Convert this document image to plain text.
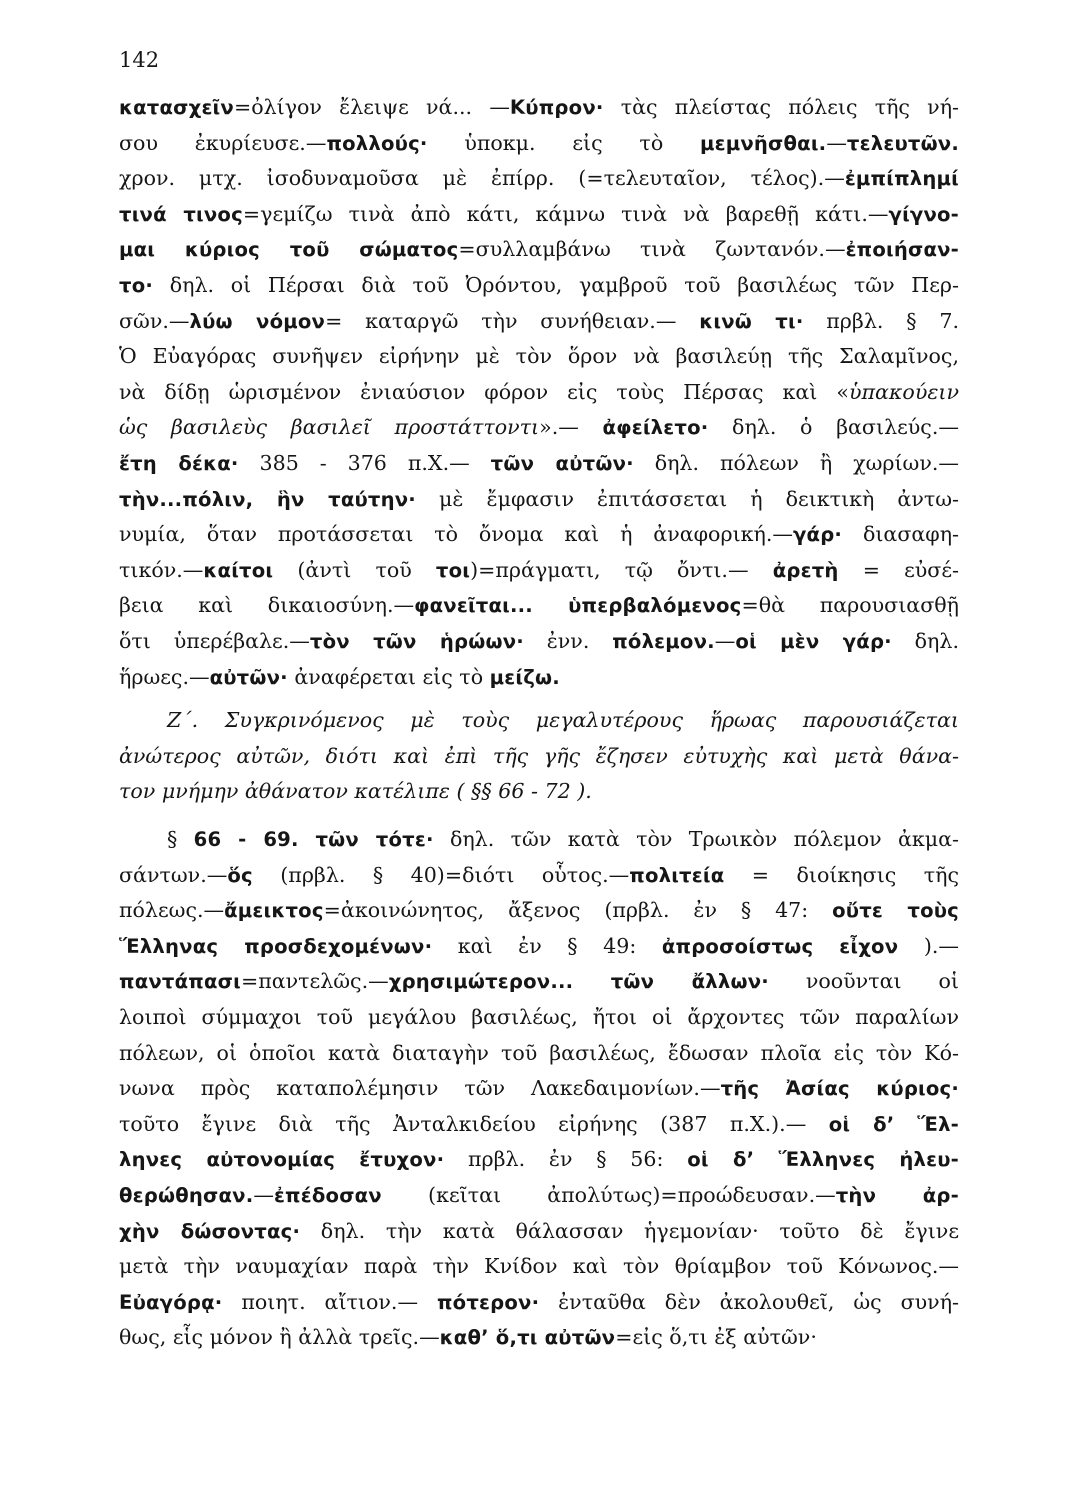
142
κατασχεῖν=ὀλίγον ἔλειψε νά... —Κύπρον· τὰς πλείστας πόλεις τῆς νή-
σου ἐκυρίευσε.—πολλούς· ὑποκμ. εἰς τὸ μεμνῆσθαι.—τελευτῶν.
χρον. μτχ. ἰσοδυναμοῦσα μὲ ἐπίρρ. (=τελευταῖον, τέλος).—ἐμπίπλημί
τινά τινος=γεμίζω τινὰ ἀπὸ κάτι, κάμνω τινὰ νὰ βαρεθῇ κάτι.—γίγνο-
μαι κύριος τοῦ σώματος=συλλαμβάνω τινὰ ζωντανόν.—ἐποιήσαν-
το· δηλ. οἱ Πέρσαι διὰ τοῦ Ὀρόντου, γαμβροῦ τοῦ βασιλέως τῶν Περ-
σῶν.—λύω νόμον= καταργῶ τὴν συνήθειαν.— κινῶ τι· πρβλ. § 7.
Ὁ Εὐαγόρας συνῆψεν εἰρήνην μὲ τὸν ὅρον νὰ βασιλεύῃ τῆς Σαλαμῖνος,
νὰ δίδῃ ὡρισμένον ἐνιαύσιον φόρον εἰς τοὺς Πέρσας καὶ «ὑπακούειν
ὡς βασιλεὺς βασιλεῖ προστάττοντι».— ἀφείλετο· δηλ. ὁ βασιλεύς.—
ἔτη δέκα· 385 - 376 π.Χ.— τῶν αὐτῶν· δηλ. πόλεων ἢ χωρίων.—
τὴν...πόλιν, ἣν ταύτην· μὲ ἔμφασιν ἐπιτάσσεται ἡ δεικτικὴ ἀντω-
νυμία, ὅταν προτάσσεται τὸ ὄνομα καὶ ἡ ἀναφορική.—γάρ· διασαφη-
τικόν.—καίτοι (ἀντὶ τοῦ τοι)=πράγματι, τῷ ὄντι.— ἀρετὴ = εὐσέ-
βεια καὶ δικαιοσύνη.—φανεῖται... ὑπερβαλόμενος=θὰ παρουσιασθῇ
ὅτι ὑπερέβαλε.—τὸν τῶν ἡρώων· ἐνν. πόλεμον.—οἱ μὲν γάρ· δηλ.
ἥρωες.—αὐτῶν· ἀναφέρεται εἰς τὸ μείζω.
Ζ΄. Συγκρινόμενος μὲ τοὺς μεγαλυτέρους ἥρωας παρουσιάζεται
ἀνώτερος αὐτῶν, διότι καὶ ἐπὶ τῆς γῆς ἔζησεν εὐτυχὴς καὶ μετὰ θάνα-
τον μνήμην ἀθάνατον κατέλιπε ( §§ 66 - 72 ).
§ 66 - 69. τῶν τότε· δηλ. τῶν κατὰ τὸν Τρωικὸν πόλεμον ἀκμα-
σάντων.—ὅς (πρβλ. § 40)=διότι οὗτος.—πολιτεία = διοίκησις τῆς
πόλεως.—ἄμεικτος=ἀκοινώνητος, ἄξενος (πρβλ. ἐν § 47: οὔτε τοὺς
Ἕλληνας προσδεχομένων· καὶ ἐν § 49: ἀπροσοίστως εἶχον ).—
παντάπασι=παντελῶς.—χρησιμώτερον... τῶν ἄλλων· νοοῦνται οἱ
λοιποὶ σύμμαχοι τοῦ μεγάλου βασιλέως, ἤτοι οἱ ἄρχοντες τῶν παραλίων
πόλεων, οἱ ὁποῖοι κατὰ διαταγὴν τοῦ βασιλέως, ἔδωσαν πλοῖα εἰς τὸν Κό-
νωνα πρὸς καταπολέμησιν τῶν Λακεδαιμονίων.—τῆς Ἀσίας κύριος·
τοῦτο ἔγινε διὰ τῆς Ἀνταλκιδείου εἰρήνης (387 π.Χ.).— οἱ δ’ Ἕλ-
ληνες αὐτονομίας ἔτυχον· πρβλ. ἐν § 56: οἱ δ’ Ἕλληνες ἠλευ-
θερώθησαν.—ἐπέδοσαν (κεῖται ἀπολύτως)=προώδευσαν.—τὴν ἀρ-
χὴν δώσοντας· δηλ. τὴν κατὰ θάλασσαν ἡγεμονίαν· τοῦτο δὲ ἔγινε
μετὰ τὴν ναυμαχίαν παρὰ τὴν Κνίδον καὶ τὸν θρίαμβον τοῦ Κόνωνος.—
Εὐαγόρᾳ· ποιητ. αἴτιον.— πότερον· ἐνταῦθα δὲν ἀκολουθεῖ, ὡς συνή-
θως, εἷς μόνον ἢ ἀλλὰ τρεῖς.—καθ’ ὅ,τι αὐτῶν=εἰς ὅ,τι ἐξ αὐτῶν·
